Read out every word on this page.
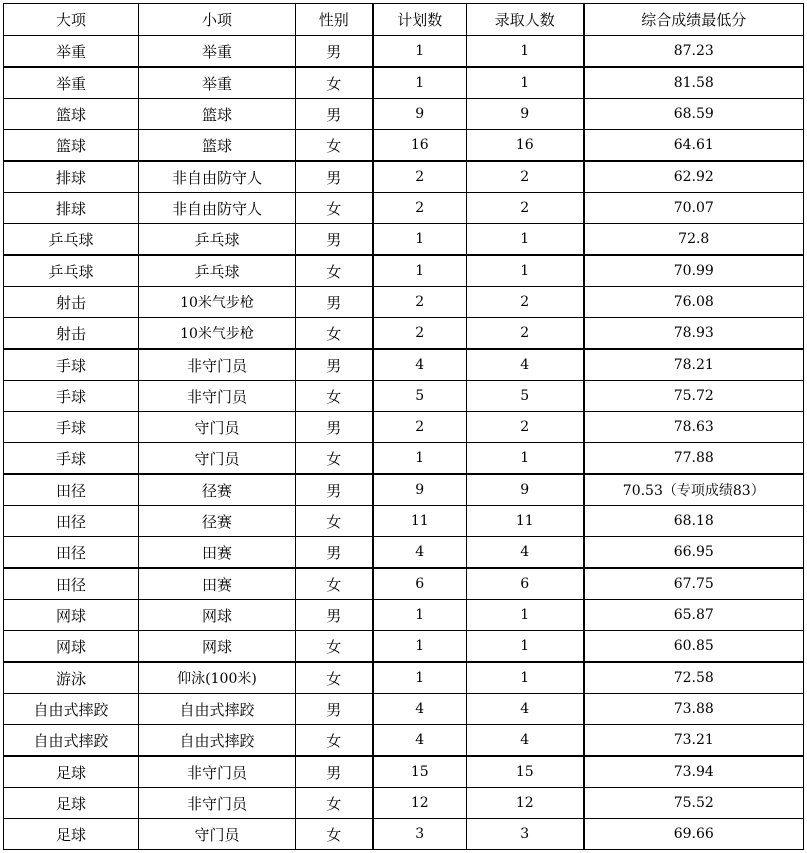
大项	小项	性别	计划数	录取人数	综合成绩最低分
举重	举重	男	1	1	87.23
举重	举重	女	1	1	81.58
篮球	篮球	男	9	9	68.59
篮球	篮球	女	16	16	64.61
排球	非自由防守人	男	2	2	62.92
排球	非自由防守人	女	2	2	70.07
乒乓球	乒乓球	男	1	1	72.8
乒乓球	乒乓球	女	1	1	70.99
射击	10米气步枪	男	2	2	76.08
射击	10米气步枪	女	2	2	78.93
手球	非守门员	男	4	4	78.21
手球	非守门员	女	5	5	75.72
手球	守门员	男	2	2	78.63
手球	守门员	女	1	1	77.88
田径	径赛	男	9	9	70.53（专项成绩83）
田径	径赛	女	11	11	68.18
田径	田赛	男	4	4	66.95
田径	田赛	女	6	6	67.75
网球	网球	男	1	1	65.87
网球	网球	女	1	1	60.85
游泳	仰泳(100米)	女	1	1	72.58
自由式摔跤	自由式摔跤	男	4	4	73.88
自由式摔跤	自由式摔跤	女	4	4	73.21
足球	非守门员	男	15	15	73.94
足球	非守门员	女	12	12	75.52
足球	守门员	女	3	3	69.66
